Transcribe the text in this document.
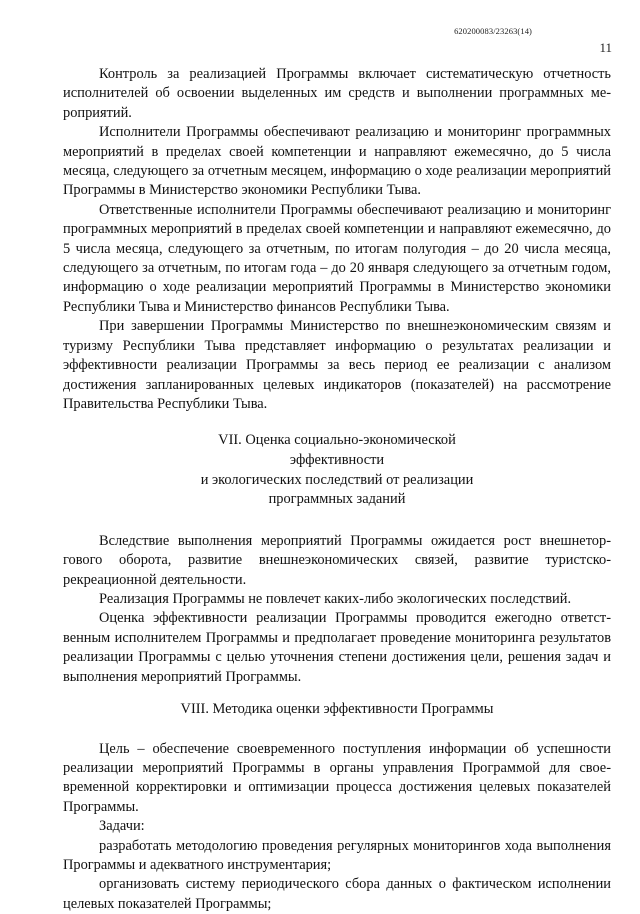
620200083/23263(14)
11

Контроль за реализацией Программы включает систематическую отчетность исполнителей об освоении выделенных им средств и выполнении программных мероприятий.

Исполнители Программы обеспечивают реализацию и мониторинг программных мероприятий в пределах своей компетенции и направляют ежемесячно, до 5 числа месяца, следующего за отчетным месяцем, информацию о ходе реализации мероприятий Программы в Министерство экономики Республики Тыва.

Ответственные исполнители Программы обеспечивают реализацию и мониторинг программных мероприятий в пределах своей компетенции и направляют ежемесячно, до 5 числа месяца, следующего за отчетным, по итогам полугодия – до 20 числа месяца, следующего за отчетным, по итогам года – до 20 января следующего за отчетным годом, информацию о ходе реализации мероприятий Программы в Министерство экономики Республики Тыва и Министерство финансов Республики Тыва.

При завершении Программы Министерство по внешнеэкономическим связям и туризму Республики Тыва представляет информацию о результатах реализации и эффективности реализации Программы за весь период ее реализации с анализом достижения запланированных целевых индикаторов (показателей) на рассмотрение Правительства Республики Тыва.

VII. Оценка социально-экономической эффективности
и экологических последствий от реализации
программных заданий

Вследствие выполнения мероприятий Программы ожидается рост внешнеторгового оборота, развитие внешнеэкономических связей, развитие туристско-рекреационной деятельности.

Реализация Программы не повлечет каких-либо экологических последствий.

Оценка эффективности реализации Программы проводится ежегодно ответственным исполнителем Программы и предполагает проведение мониторинга результатов реализации Программы с целью уточнения степени достижения цели, решения задач и выполнения мероприятий Программы.

VIII. Методика оценки эффективности Программы

Цель – обеспечение своевременного поступления информации об успешности реализации мероприятий Программы в органы управления Программой для своевременной корректировки и оптимизации процесса достижения целевых показателей Программы.

Задачи:

разработать методологию проведения регулярных мониторингов хода выполнения Программы и адекватного инструментария;

организовать систему периодического сбора данных о фактическом исполнении целевых показателей Программы;
